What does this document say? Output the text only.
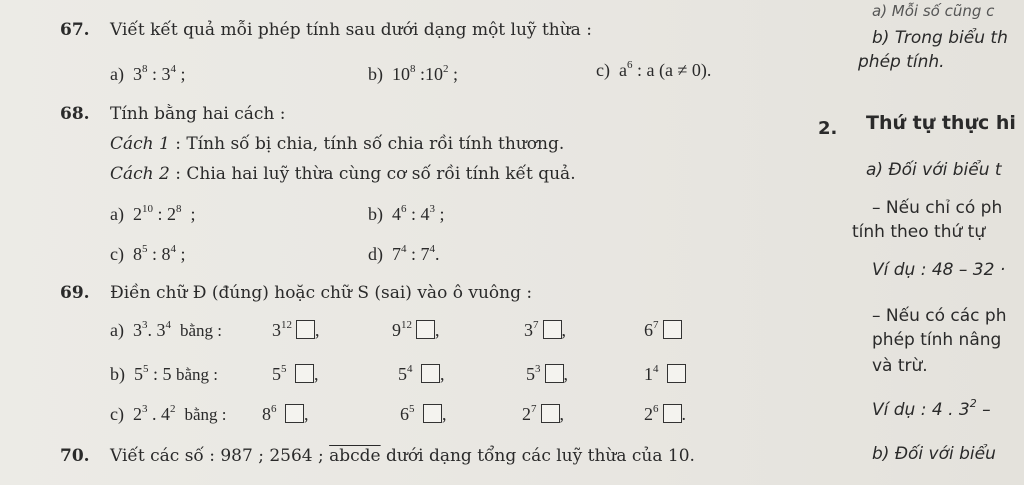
67. Viết kết quả mỗi phép tính sau dưới dạng một luỹ thừa :
a) $3^8$ : $3^4$ ;	b) $10^8$ $:10^2$ ;	c) $a^6$ : a (a ≠ 0).
68. Tính bằng hai cách :
Cách 1 : Tính số bị chia, tính số chia rồi tính thương.
Cách 2 : Chia hai luỹ thừa cùng cơ số rồi tính kết quả.
a) $2^{10}$ : $2^8$ ;	b) $4^6$ : $4^3$ ;
c) $8^5$ : $8^4$ ;	d) $7^4$ : $7^4$.
69. Điền chữ Đ (đúng) hoặc chữ S (sai) vào ô vuông :
a) $3^3$. $3^4$ bằng :	$3^{12}$ ,	$9^{12}$ ,	$3^7$ ,	$6^7$
b) $5^5$ : 5 bằng :	$5^5$ ,	$5^4$ ,	$5^3$ ,	$1^4$
c) $2^3$ . $4^2$ bằng : $8^6$ ,	$6^5$ ,	$2^7$ ,	$2^6$ .
70. Viết các số : 987 ; 2564 ; abcde dưới dạng tổng các luỹ thừa của 10.
a) Mỗi số cũng c
b) Trong biểu th
phép tính.
2. Thứ tự thực hi
a) Đối với biểu t
– Nếu chỉ có ph
tính theo thứ tự
Ví dụ : 48 – 32 ·
– Nếu có các ph
phép tính nâng
và trừ.
Ví dụ : 4 . $3^2$ –
b) Đối với biểu
